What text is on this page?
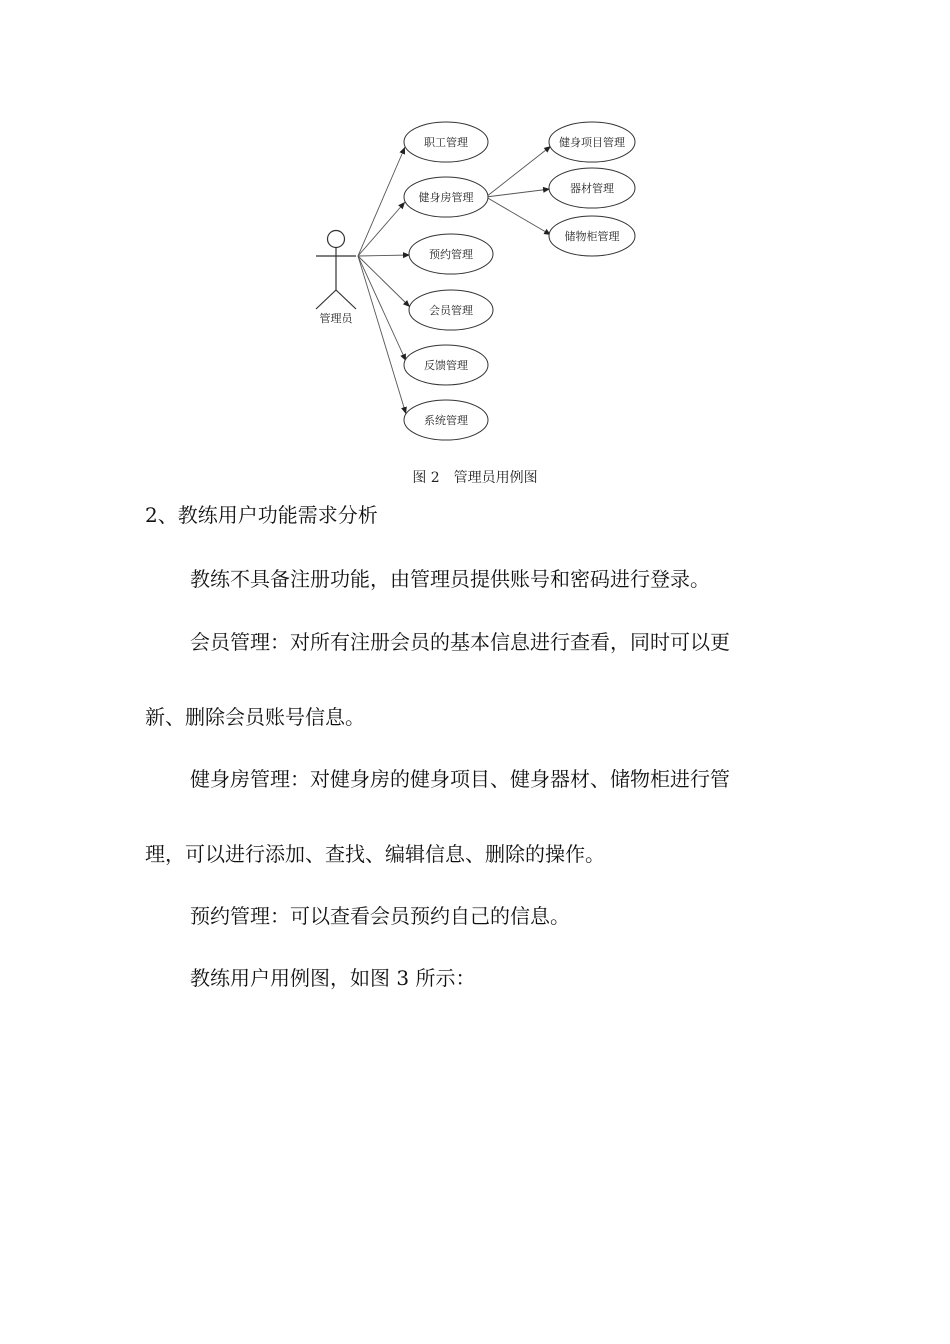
管理员
职工管理
健身房管理
预约管理
会员管理
反馈管理
系统管理
健身项目管理
器材管理
储物柜管理
图 2　管理员用例图
2、教练用户功能需求分析
教练不具备注册功能，由管理员提供账号和密码进行登录。
会员管理：对所有注册会员的基本信息进行查看，同时可以更
新、删除会员账号信息。
健身房管理：对健身房的健身项目、健身器材、储物柜进行管
理，可以进行添加、查找、编辑信息、删除的操作。
预约管理：可以查看会员预约自己的信息。
教练用户用例图，如图 3 所示：
